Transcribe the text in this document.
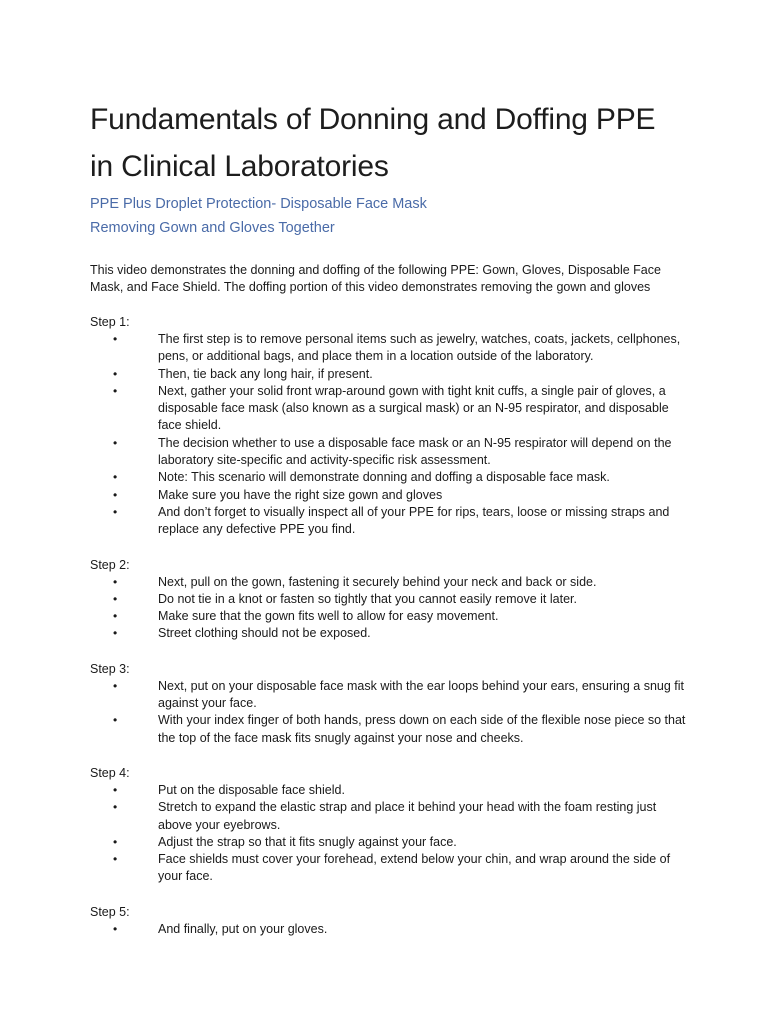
Fundamentals of Donning and Doffing PPE
in Clinical Laboratories

PPE Plus Droplet Protection- Disposable Face Mask

Removing Gown and Gloves Together

This video demonstrates the donning and doffing of the following PPE: Gown, Gloves, Disposable Face Mask, and Face Shield. The doffing portion of this video demonstrates removing the gown and gloves

Step 1:

•	The first step is to remove personal items such as jewelry, watches, coats, jackets, cellphones, pens, or additional bags, and place them in a location outside of the laboratory.
•	Then, tie back any long hair, if present.
•	Next, gather your solid front wrap-around gown with tight knit cuffs, a single pair of gloves, a disposable face mask (also known as a surgical mask) or an N-95 respirator, and disposable face shield.
•	The decision whether to use a disposable face mask or an N-95 respirator will depend on the laboratory site-specific and activity-specific risk assessment.
•	Note: This scenario will demonstrate donning and doffing a disposable face mask.
•	Make sure you have the right size gown and gloves
•	And don’t forget to visually inspect all of your PPE for rips, tears, loose or missing straps and replace any defective PPE you find.

Step 2:

•	Next, pull on the gown, fastening it securely behind your neck and back or side.
•	Do not tie in a knot or fasten so tightly that you cannot easily remove it later.
•	Make sure that the gown fits well to allow for easy movement.
•	Street clothing should not be exposed.

Step 3:

•	Next, put on your disposable face mask with the ear loops behind your ears, ensuring a snug fit against your face.
•	With your index finger of both hands, press down on each side of the flexible nose piece so that the top of the face mask fits snugly against your nose and cheeks.

Step 4:

•	Put on the disposable face shield.
•	Stretch to expand the elastic strap and place it behind your head with the foam resting just above your eyebrows.
•	Adjust the strap so that it fits snugly against your face.
•	Face shields must cover your forehead, extend below your chin, and wrap around the side of your face.

Step 5:

•	And finally, put on your gloves.
